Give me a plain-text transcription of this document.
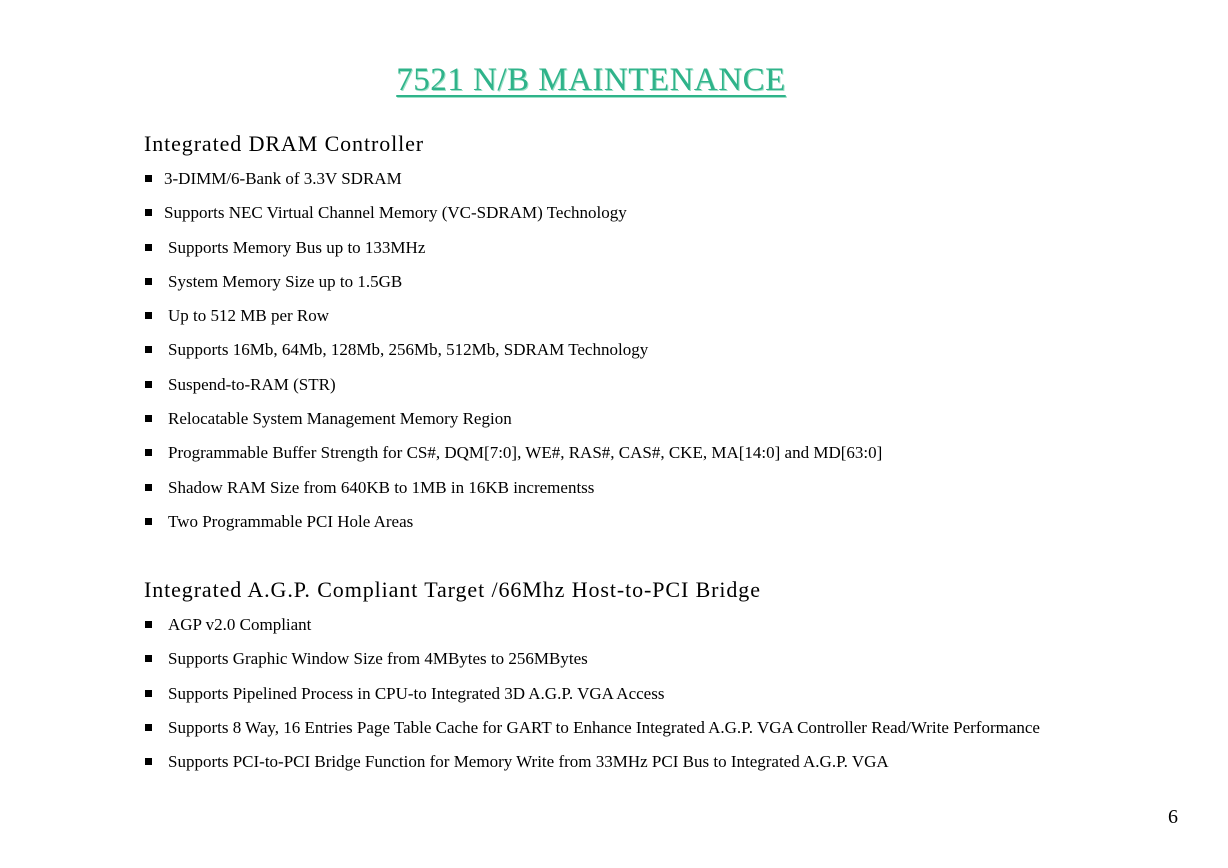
7521 N/B MAINTENANCE
Integrated DRAM Controller
3-DIMM/6-Bank of 3.3V SDRAM
Supports NEC Virtual Channel Memory (VC-SDRAM) Technology
Supports Memory Bus up to 133MHz
System Memory Size up to 1.5GB
Up to 512 MB per Row
Supports 16Mb, 64Mb, 128Mb, 256Mb, 512Mb, SDRAM Technology
Suspend-to-RAM (STR)
Relocatable System Management Memory Region
Programmable Buffer Strength for CS#, DQM[7:0], WE#, RAS#, CAS#, CKE, MA[14:0] and MD[63:0]
Shadow RAM Size from 640KB to 1MB in 16KB incrementss
Two Programmable PCI Hole Areas
Integrated A.G.P. Compliant Target /66Mhz Host-to-PCI Bridge
AGP v2.0 Compliant
Supports Graphic Window Size from 4MBytes to 256MBytes
Supports Pipelined Process in CPU-to Integrated 3D A.G.P. VGA Access
Supports 8 Way, 16 Entries Page Table Cache for GART to Enhance Integrated A.G.P. VGA Controller Read/Write Performance
Supports PCI-to-PCI Bridge Function for Memory Write from 33MHz PCI Bus to Integrated A.G.P. VGA
6
